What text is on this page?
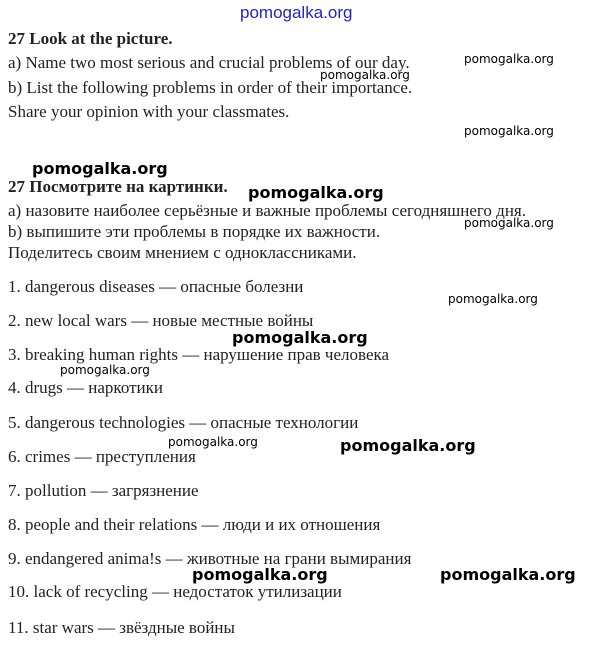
pomogalka.org
27 Look at the picture.
a) Name two most serious and crucial problems of our day.
b) List the following problems in order of their importance.
Share your opinion with your classmates.
27 Посмотрите на картинки.
а) назовите наиболее серьёзные и важные проблемы сегодняшнего дня.
b) выпишите эти проблемы в порядке их важности.
Поделитесь своим мнением с одноклассниками.
1. dangerous diseases — опасные болезни
2. new local wars — новые местные войны
3. breaking human rights — нарушение прав человека
4. drugs — наркотики
5. dangerous technologies — опасные технологии
6. crimes — преступления
7. pollution — загрязнение
8. people and their relations — люди и их отношения
9. endangered anima!s — животные на грани вымирания
10. lack of recycling — недостаток утилизации
11. star wars — звёздные войны
pomogalka.org
pomogalka.org
pomogalka.org
pomogalka.org
pomogalka.org
pomogalka.org
pomogalka.org
pomogalka.org
pomogalka.org
pomogalka.org	pomogalka.org
pomogalka.org	pomogalka.org
